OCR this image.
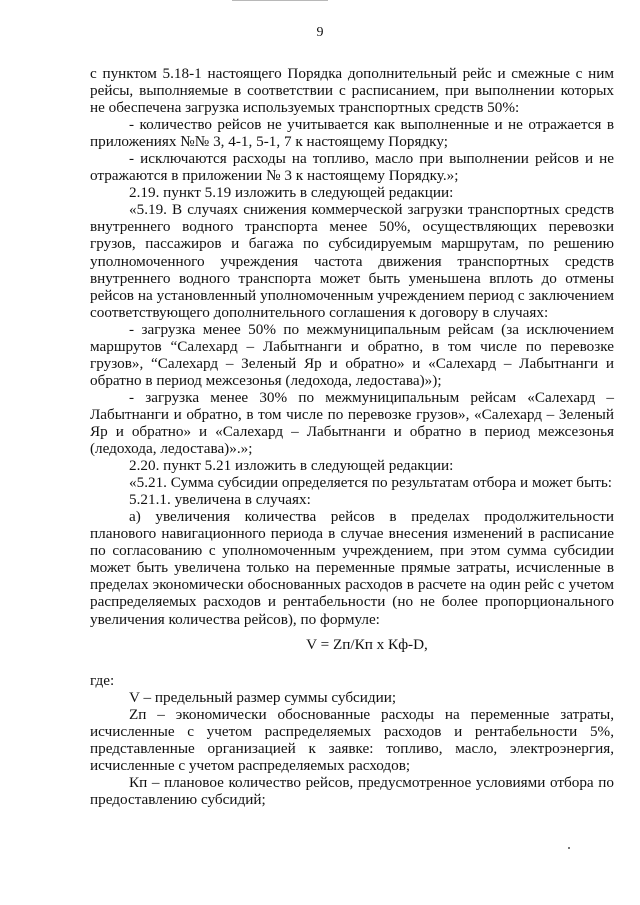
9

с пунктом 5.18-1 настоящего Порядка дополнительный рейс и смежные с ним рейсы, выполняемые в соответствии с расписанием, при выполнении которых не обеспечена загрузка используемых транспортных средств 50%:

- количество рейсов не учитывается как выполненные и не отражается в приложениях №№ 3, 4-1, 5-1, 7 к настоящему Порядку;

- исключаются расходы на топливо, масло при выполнении рейсов и не отражаются в приложении № 3 к настоящему Порядку.»;

2.19. пункт 5.19 изложить в следующей редакции:

«5.19. В случаях снижения коммерческой загрузки транспортных средств внутреннего водного транспорта менее 50%, осуществляющих перевозки грузов, пассажиров и багажа по субсидируемым маршрутам, по решению уполномоченного учреждения частота движения транспортных средств внутреннего водного транспорта может быть уменьшена вплоть до отмены рейсов на установленный уполномоченным учреждением период с заключением соответствующего дополнительного соглашения к договору в случаях:

- загрузка менее 50% по межмуниципальным рейсам (за исключением маршрутов “Салехард – Лабытнанги и обратно, в том числе по перевозке грузов», “Салехард – Зеленый Яр и обратно» и «Салехард – Лабытнанги и обратно в период межсезонья (ледохода, ледостава)»);

- загрузка менее 30% по межмуниципальным рейсам «Салехард – Лабытнанги и обратно, в том числе по перевозке грузов», «Салехард – Зеленый Яр и обратно» и «Салехард – Лабытнанги и обратно в период межсезонья (ледохода, ледостава)».»;

2.20. пункт 5.21 изложить в следующей редакции:

«5.21. Сумма субсидии определяется по результатам отбора и может быть:

5.21.1. увеличена в случаях:

а) увеличения количества рейсов в пределах продолжительности планового навигационного периода в случае внесения изменений в расписание по согласованию с уполномоченным учреждением, при этом сумма субсидии может быть увеличена только на переменные прямые затраты, исчисленные в пределах экономически обоснованных расходов в расчете на один рейс с учетом распределяемых расходов и рентабельности (но не более пропорционального увеличения количества рейсов), по формуле:

V = Zп/Кп х Кф-D,

где:

V – предельный размер суммы субсидии;

Zп – экономически обоснованные расходы на переменные затраты, исчисленные с учетом распределяемых расходов и рентабельности 5%, представленные организацией к заявке: топливо, масло, электроэнергия, исчисленные с учетом распределяемых расходов;

Кп – плановое количество рейсов, предусмотренное условиями отбора по предоставлению субсидий;
